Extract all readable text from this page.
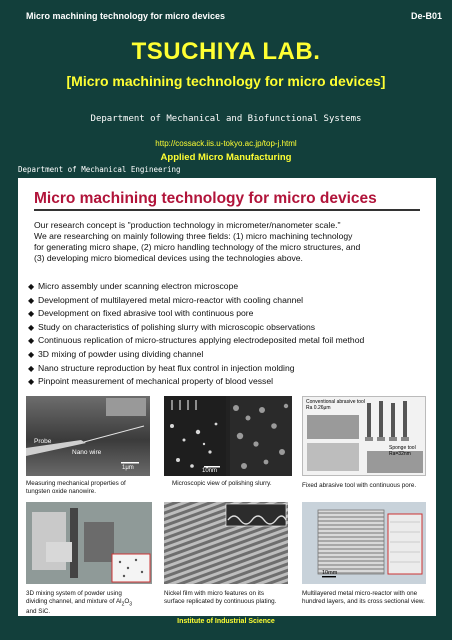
Micro machining technology for micro devices	De-B01
TSUCHIYA LAB.
[Micro machining technology for micro devices]
Department of Mechanical and Biofunctional Systems
http://cossack.iis.u-tokyo.ac.jp/top-j.html
Applied Micro Manufacturing
Department of Mechanical Engineering
Micro machining technology for micro devices
Our research concept is "production technology in micrometer/nanometer scale."
We are researching on mainly following three fields: (1) micro machining technology
for generating micro shape, (2) micro handling technology of the micro structures, and
(3) developing micro biomedical devices using the technologies above.
◆ Micro assembly under scanning electron microscope
◆ Development of multilayered metal micro-reactor with cooling channel
◆ Development on fixed abrasive tool with continuous pore
◆ Study on characteristics of polishing slurry with microscopic observations
◆ Continuous replication of micro-structures applying electrodeposited metal foil method
◆ 3D mixing of powder using dividing channel
◆ Nano structure reproduction by heat flux control in injection molding
◆ Pinpoint measurement of mechanical property of blood vessel
Probe
Nano wire
1μm
Measuring mechanical properties of
tungsten oxide nanowire.
10nm
Microscopic view of polishing slurry.
Conventional abrasive tool
Ra 0.26μm
Sponge tool
Ra=32nm
Fixed abrasive tool with continuous pore.
3D mixing system of powder using
dividing channel, and mixture of $Al_2O_3$
and SiC.
Nickel film with micro features on its
surface replicated by continuous plating.
10mm
Multilayered metal micro-reactor with one
hundred layers, and its cross sectional view.
Institute of Industrial Science
